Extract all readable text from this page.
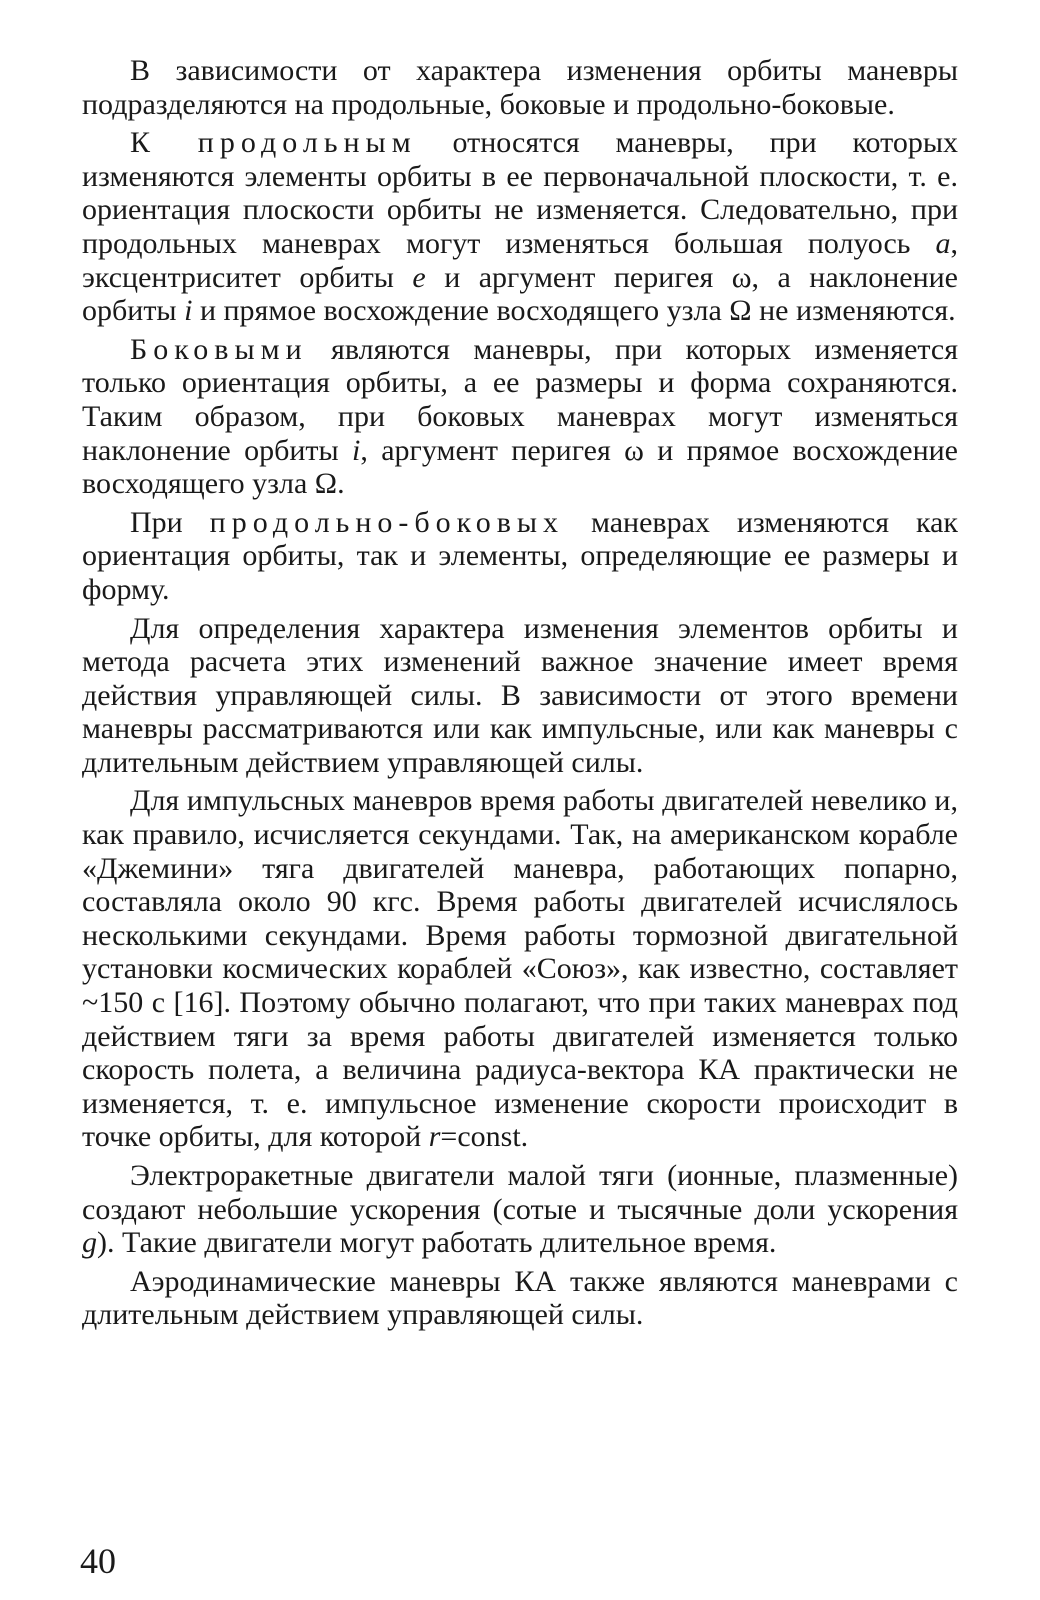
В зависимости от характера изменения орбиты маневры подразделяются на продольные, боковые и продольно-боковые.

К продольным относятся маневры, при которых изменяются элементы орбиты в ее первоначальной плоскости, т. е. ориентация плоскости орбиты не изменяется. Следовательно, при продольных маневрах могут изменяться большая полуось a, эксцентриситет орбиты e и аргумент перигея ω, а наклонение орбиты i и прямое восхождение восходящего узла Ω не изменяются.

Боковыми являются маневры, при которых изменяется только ориентация орбиты, а ее размеры и форма сохраняются. Таким образом, при боковых маневрах могут изменяться наклонение орбиты i, аргумент перигея ω и прямое восхождение восходящего узла Ω.

При продольно-боковых маневрах изменяются как ориентация орбиты, так и элементы, определяющие ее размеры и форму.

Для определения характера изменения элементов орбиты и метода расчета этих изменений важное значение имеет время действия управляющей силы. В зависимости от этого времени маневры рассматриваются или как импульсные, или как маневры с длительным действием управляющей силы.

Для импульсных маневров время работы двигателей невелико и, как правило, исчисляется секундами. Так, на американском корабле «Джемини» тяга двигателей маневра, работающих попарно, составляла около 90 кгс. Время работы двигателей исчислялось несколькими секундами. Время работы тормозной двигательной установки космических кораблей «Союз», как известно, составляет ~150 с [16]. Поэтому обычно полагают, что при таких маневрах под действием тяги за время работы двигателей изменяется только скорость полета, а величина радиуса-вектора КА практически не изменяется, т. е. импульсное изменение скорости происходит в точке орбиты, для которой r=const.

Электроракетные двигатели малой тяги (ионные, плазменные) создают небольшие ускорения (сотые и тысячные доли ускорения g). Такие двигатели могут работать длительное время.

Аэродинамические маневры КА также являются маневрами с длительным действием управляющей силы.

40
